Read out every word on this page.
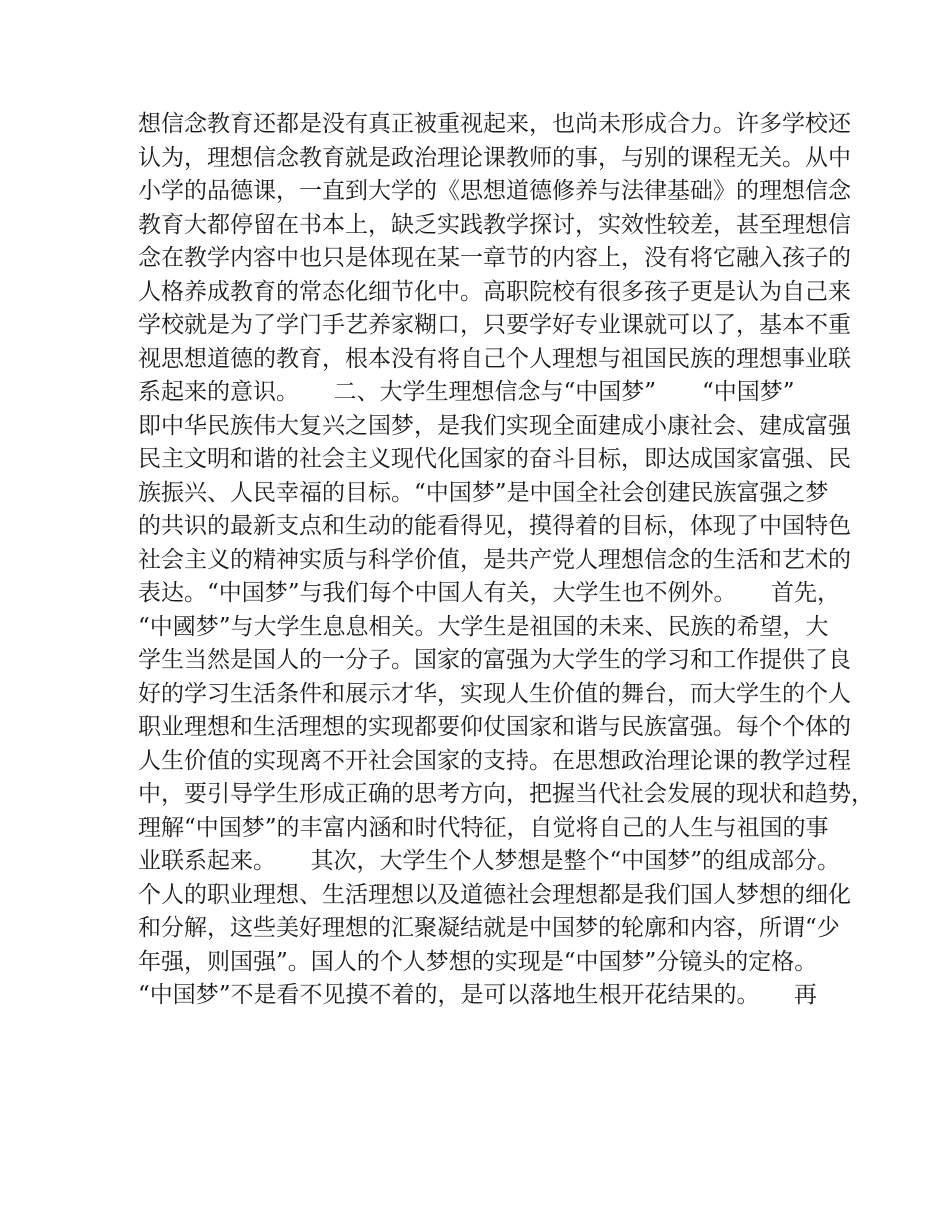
想信念教育还都是没有真正被重视起来，也尚未形成合力。许多学校还
认为，理想信念教育就是政治理论课教师的事，与别的课程无关。从中
小学的品德课，一直到大学的《思想道德修养与法律基础》的理想信念
教育大都停留在书本上，缺乏实践教学探讨，实效性较差，甚至理想信
念在教学内容中也只是体现在某一章节的内容上，没有将它融入孩子的
人格养成教育的常态化细节化中。高职院校有很多孩子更是认为自己来
学校就是为了学门手艺养家糊口，只要学好专业课就可以了，基本不重
视思想道德的教育，根本没有将自己个人理想与祖国民族的理想事业联
系起来的意识。　　二、大学生理想信念与“中国梦”　　“中国梦”
即中华民族伟大复兴之国梦，是我们实现全面建成小康社会、建成富强
民主文明和谐的社会主义现代化国家的奋斗目标，即达成国家富强、民
族振兴、人民幸福的目标。“中国梦”是中国全社会创建民族富强之梦
的共识的最新支点和生动的能看得见，摸得着的目标，体现了中国特色
社会主义的精神实质与科学价值，是共产党人理想信念的生活和艺术的
表达。“中国梦”与我们每个中国人有关，大学生也不例外。　　首先，
“中國梦”与大学生息息相关。大学生是祖国的未来、民族的希望，大
学生当然是国人的一分子。国家的富强为大学生的学习和工作提供了良
好的学习生活条件和展示才华，实现人生价值的舞台，而大学生的个人
职业理想和生活理想的实现都要仰仗国家和谐与民族富强。每个个体的
人生价值的实现离不开社会国家的支持。在思想政治理论课的教学过程
中，要引导学生形成正确的思考方向，把握当代社会发展的现状和趋势，
理解“中国梦”的丰富内涵和时代特征，自觉将自己的人生与祖国的事
业联系起来。　　其次，大学生个人梦想是整个“中国梦”的组成部分。
个人的职业理想、生活理想以及道德社会理想都是我们国人梦想的细化
和分解，这些美好理想的汇聚凝结就是中国梦的轮廓和内容，所谓“少
年强，则国强”。国人的个人梦想的实现是“中国梦”分镜头的定格。
“中国梦”不是看不见摸不着的，是可以落地生根开花结果的。　　再
